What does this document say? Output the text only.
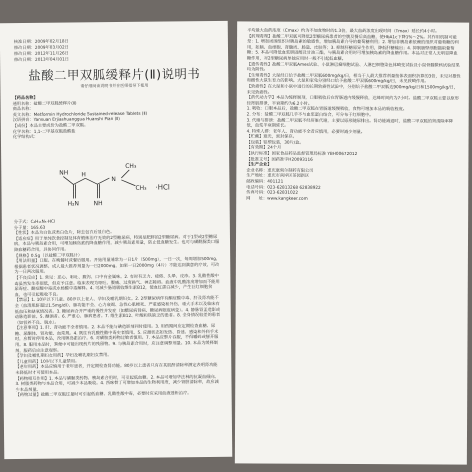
核准日期：2009年02月18日
修改日期：2009年03月02日
修改日期：2012年11月26日
修改日期：2013年04月01日
盐酸二甲双胍缓释片(Ⅱ)说明书
请仔细阅读说明书并在医师指导下使用

【药品名称】

通用名称：盐酸二甲双胍缓释片(Ⅱ)

商品名称：

英文名称：Metformin Hydrochloride Sustained-release Tablets (Ⅱ)

汉语拼音：Yansuan Erjiashuanggua Huanshi Pian (Ⅱ)

【成份】本品主要成份为盐酸二甲双胍。

化学名称：1,1-二甲基双胍盐酸盐

化学结构式：

NH
H₂N
H
NH
N
CH₃
CH₃ ·HCl

分子式：C₄H₁₁N₅·HCl

分子量：165.63

【性状】本品为白色或类白色片，除去包衣后显白色。

【适应症】用于单纯饮食控制及体育锻炼治疗无效的2型糖尿病，特别是肥胖的2型糖尿病。对于1型或2型糖尿病，本品与胰岛素合用，可增加胰岛素的降血糖作用，减少胰岛素用量，防止低血糖发生。也可与磺酰脲类口服降血糖药合用，具协同作用。

【规格】0.5g（以盐酸二甲双胍计）

【用法用量】口服。在晚餐时或餐后服用。开始用量通常为一日1片（500mg），一日一次，每周增加500mg，根据患者状况调整。成人最大推荐剂量为一日2000mg，如果一日2000mg（4片）不能达到满意的疗效，可改为一日两次服用。

【不良反应】1. 常见：恶心、呕吐、腹泻、口中有金属味。2. 有时有乏力、疲倦、头晕、皮疹。3. 乳酸性酸中毒虽然发生率很低，但应予注意。临床表现为呕吐、腹痛、过度换气、神志障碍。血液中乳酸浓度增加而不能用尿毒症、酮症酸中毒或水杨酸中毒解释。4. 可减少肠道吸收维生素B12，使血红蛋白减少，产生巨红细胞贫血，也可引起吸收不良。

【禁忌】1. 10岁以下儿童、80岁以上老人、孕妇及哺乳期妇女。2. 2型糖尿病伴有酮症酸中毒、肝及肾功能不全（血清肌酐超过1.5mg/dl）、肺功能不全、心力衰竭、急性心肌梗死、严重感染和外伤、重大手术以及临床有低血压和缺氧情况者。3. 糖尿病合并严重的慢性并发症（如糖尿病肾病、糖尿病眼底病变）。4. 静脉肾盂造影或动脉造影前。5. 酗酒者。6. 严重心、肺病患者。7. 维生素B12、叶酸和铁缺乏的患者。8. 全身情况较差的患者（如营养不良、脱水）。

【注意事项】1. 肝、肾功能不全者慎用。2. 本品不能与碘造影剂同时使用。3. 用药期间应定期检查血糖、尿糖、尿酮体、肾功能、血常规。4. 既往有乳酸性酸中毒史者慎用。5. 应激状态如发热、昏迷、感染和外科手术时，应暂时停用本品，改用胰岛素治疗。6. 对磺胺类药物过敏者慎用。7. 本品应整片吞服，不得嚼碎或掰开服用。8. 服用本品时，粪便中可能出现药片的残留物。9. 与胰岛素合用时，应注意调整剂量。10. 本品为缓释制剂，服药后应注意观察。

【孕妇及哺乳期妇女用药】孕妇及哺乳期妇女禁用。

【儿童用药】10岁以下儿童禁用。

【老年用药】本品应慎用于老年患者，并定期检查肾功能。80岁以上患者只有在其肌酐清除率测定表明肾功能未降低时才可使用本品。

【药物相互作用】1. 本品与磺脲类药物、胰岛素合用时，可引起低血糖。2. 本品可增加华法林的抗凝血倾向。3. 树脂类药物与本品合用，可减少本品吸收。4. 西咪替丁可增加本品的生物利用度，减少肾脏清除率，故应减少本品剂量。

【药物过量】盐酸二甲双胍过量时可引起低血糖、乳酸性酸中毒，必要时应采用血液透析治疗。

平均最大血药浓度（Cmax）约为不加食物时的1.3倍，最大血药浓度出现时间（Tmax）延长约4小时。

【药理毒理】盐酸二甲双胍可降低2型糖尿病患者的空腹及餐后高血糖，使HbA1c下降1%～2%。其作用机制可能是：1. 增加周围组织对胰岛素的敏感性，增加胰岛素介导的葡萄糖利用；2. 增加非胰岛素依赖的组织对葡萄糖的利用，如脑、血细胞、肾髓质、肠道、皮肤等；3. 抑制肝糖原异生作用，降低肝糖输出；4. 抑制肠壁细胞摄取葡萄糖；5. 本品可降低血浆胆固醇及甘油三酯，与胰岛素合用时可增加胰岛素的降血糖作用。本品对正常人无明显降血糖作用，对2型糖尿病单独应用时一般不引起低血糖。

【遗传毒性】盐酸二甲双胍Ames试验、小鼠淋巴瘤细胞试验、人淋巴细胞染色体畸变试验及小鼠骨髓微核试验结果均为阴性。

【生殖毒性】大鼠经口给予盐酸二甲双胍600mg/kg/日，相当于人最大推荐剂量按体表面积折算的3倍，未见对雄性和雌性大鼠生育力的影响。大鼠和家兔分别经口给予盐酸二甲双胍600mg/kg/日，未见致畸作用。

【致癌性】在大鼠和小鼠中进行的长期致癌性试验中，分别给予盐酸二甲双胍达900mg/kg/日和1500mg/kg/日，未见致癌性。

【药代动力学】本品为缓释制剂，口服吸收后在胃肠道内缓慢释放，达峰时间约为7小时。盐酸二甲双胍主要以原形经肾脏排泄，半衰期约为6.2小时。

1. 吸收：口服本品后，盐酸二甲双胍在胃肠道缓慢吸收，食物可增加本品的吸收程度。

2. 分布：盐酸二甲双胍几乎不与血浆蛋白结合，可分布于红细胞中。

3. 代谢与排泄：盐酸二甲双胍不经肝脏代谢，主要以原形随尿排出。肾功能减退时，盐酸二甲双胍的肾清除率降低，血浆半衰期延长。

4. 特殊人群：老年人、肾功能不全者应慎用，必要时减少剂量。

【贮藏】遮光，密封保存。

【包装】铝塑包装，30片/盒。

【有效期】24个月

【执行标准】国家食品药品监督管理局标准 YBH00672012

【批准文号】国药准字H20093116

【生产企业】

企业名称：重庆康刻尔制药有限公司

生产地址：重庆市南岸区茶园新区

邮政编码：401121

电话号码：023-62813268 62838922

传真号码：023-62831022

网　　址：www.kangkeer.com
